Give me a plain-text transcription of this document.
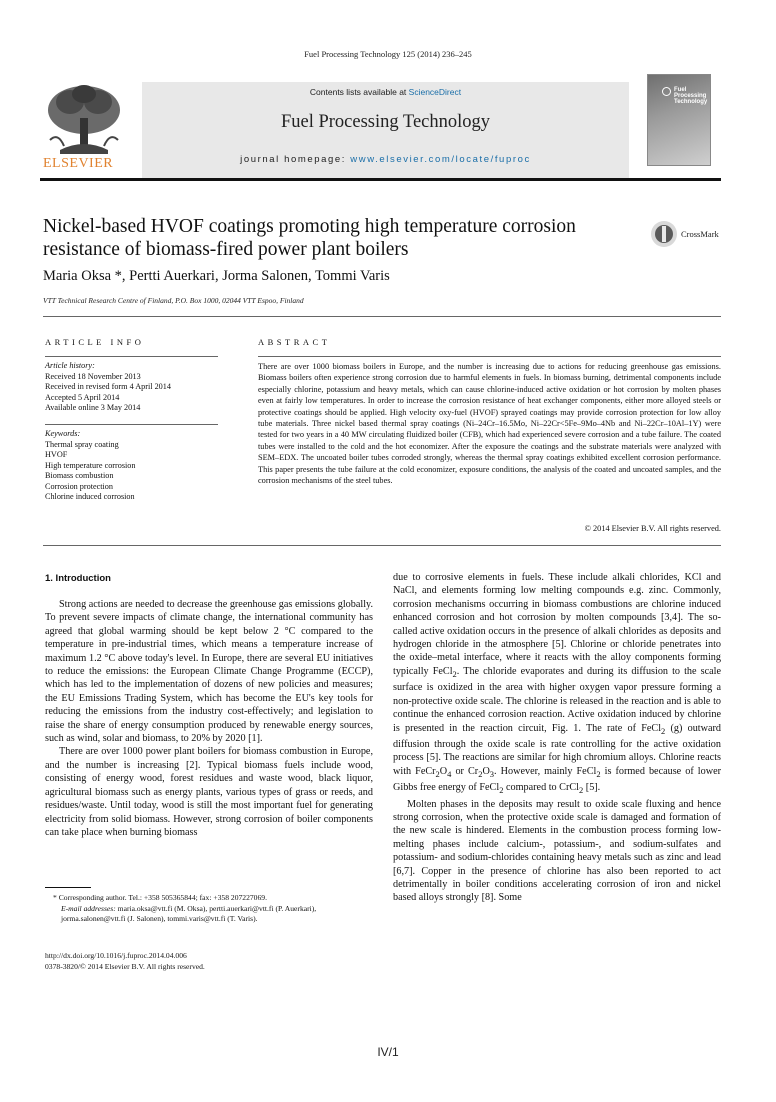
Fuel Processing Technology 125 (2014) 236–245
ELSEVIER
Contents lists available at ScienceDirect
Fuel Processing Technology
journal homepage: www.elsevier.com/locate/fuproc
Fuel Processing Technology
Nickel-based HVOF coatings promoting high temperature corrosion resistance of biomass-fired power plant boilers
CrossMark
Maria Oksa *, Pertti Auerkari, Jorma Salonen, Tommi Varis
VTT Technical Research Centre of Finland, P.O. Box 1000, 02044 VTT Espoo, Finland
ARTICLE INFO
Article history:
Received 18 November 2013
Received in revised form 4 April 2014
Accepted 5 April 2014
Available online 3 May 2014
Keywords:
Thermal spray coating
HVOF
High temperature corrosion
Biomass combustion
Corrosion protection
Chlorine induced corrosion
ABSTRACT
There are over 1000 biomass boilers in Europe, and the number is increasing due to actions for reducing greenhouse gas emissions. Biomass boilers often experience strong corrosion due to harmful elements in fuels. In biomass burning, detrimental components include especially chlorine, potassium and heavy metals, which can cause chlorine-induced active oxidation or hot corrosion by molten phases even at fairly low temperatures. In order to increase the corrosion resistance of heat exchanger components, either more alloyed steels or protective coatings should be applied. High velocity oxy-fuel (HVOF) sprayed coatings may provide corrosion protection for low alloy tube materials. Three nickel based thermal spray coatings (Ni–24Cr–16.5Mo, Ni–22Cr<5Fe–9Mo–4Nb and Ni–22Cr–10Al–1Y) were tested for two years in a 40 MW circulating fluidized boiler (CFB), which had experienced severe corrosion and a tube failure. The coated tubes were installed to the cold and the hot economizer. After the exposure the coatings and the substrate materials were analyzed with SEM–EDX. The uncoated boiler tubes corroded strongly, whereas the thermal spray coatings exhibited excellent corrosion performance. This paper presents the tube failure at the cold economizer, exposure conditions, the analysis of the coated and uncoated samples, and the corrosion mechanisms of the steel tubes.
© 2014 Elsevier B.V. All rights reserved.
1. Introduction

Strong actions are needed to decrease the greenhouse gas emissions globally. To prevent severe impacts of climate change, the international community has agreed that global warming should be kept below 2 °C compared to the temperature in pre-industrial times, which means a temperature increase of maximum 1.2 °C above today's level. In Europe, there are several EU initiatives to reduce the emissions: the European Climate Change Programme (ECCP), which has led to the implementation of dozens of new policies and measures; the EU Emissions Trading System, which has become the EU's key tools for reducing the emissions from the industry cost-effectively; and legislation to raise the share of energy consumption produced by renewable energy sources, such as wind, solar and biomass, to 20% by 2020 [1].

There are over 1000 power plant boilers for biomass combustion in Europe, and the number is increasing [2]. Typical biomass fuels include wood, consisting of energy wood, forest residues and waste wood, black liquor, agricultural biomass such as energy plants, various types of grass or reeds, and residues/waste. Until today, wood is still the most important fuel for generating electricity from solid biomass. However, strong corrosion of boiler components can take place when burning biomass

due to corrosive elements in fuels. These include alkali chlorides, KCl and NaCl, and elements forming low melting compounds e.g. zinc. Commonly, corrosion mechanisms occurring in biomass combustions are chlorine induced enhanced corrosion and hot corrosion by molten compounds [3,4]. The so-called active oxidation occurs in the presence of alkali chlorides as deposits and hydrogen chloride in the atmosphere [5]. Chlorine or chloride penetrates into the oxide–metal interface, where it reacts with the alloy components forming typically FeCl$_2$. The chloride evaporates and during its diffusion to the scale surface is oxidized in the area with higher oxygen vapor pressure forming a non-protective oxide scale. The chlorine is released in the reaction and is able to continue the enhanced corrosion reaction. Active oxidation induced by chlorine is presented in the reaction circuit, Fig. 1. The rate of FeCl$_2$ (g) outward diffusion through the oxide scale is rate controlling for the active oxidation process [5]. The reactions are similar for high chromium alloys. Chlorine reacts with $FeCr_2O_4$ or $Cr_2O_3$. However, mainly FeCl$_2$ is formed because of lower Gibbs free energy of FeCl$_2$ compared to CrCl$_2$ [5].

Molten phases in the deposits may result to oxide scale fluxing and hence strong corrosion, when the protective oxide scale is damaged and formation of the new scale is hindered. Elements in the combustion process forming low-melting phases include calcium-, potassium-, and sodium-sulfates and potassium- and sodium-chlorides containing heavy metals such as zinc and lead [6,7]. Copper in the presence of chlorine has also been reported to act detrimentally in boiler conditions accelerating corrosion of iron and nickel based alloys strongly [8]. Some

* Corresponding author. Tel.: +358 505365844; fax: +358 207227069.
E-mail addresses: maria.oksa@vtt.fi (M. Oksa), pertti.auerkari@vtt.fi (P. Auerkari), jorma.salonen@vtt.fi (J. Salonen), tommi.varis@vtt.fi (T. Varis).
http://dx.doi.org/10.1016/j.fuproc.2014.04.006
0378-3820/© 2014 Elsevier B.V. All rights reserved.
IV/1
